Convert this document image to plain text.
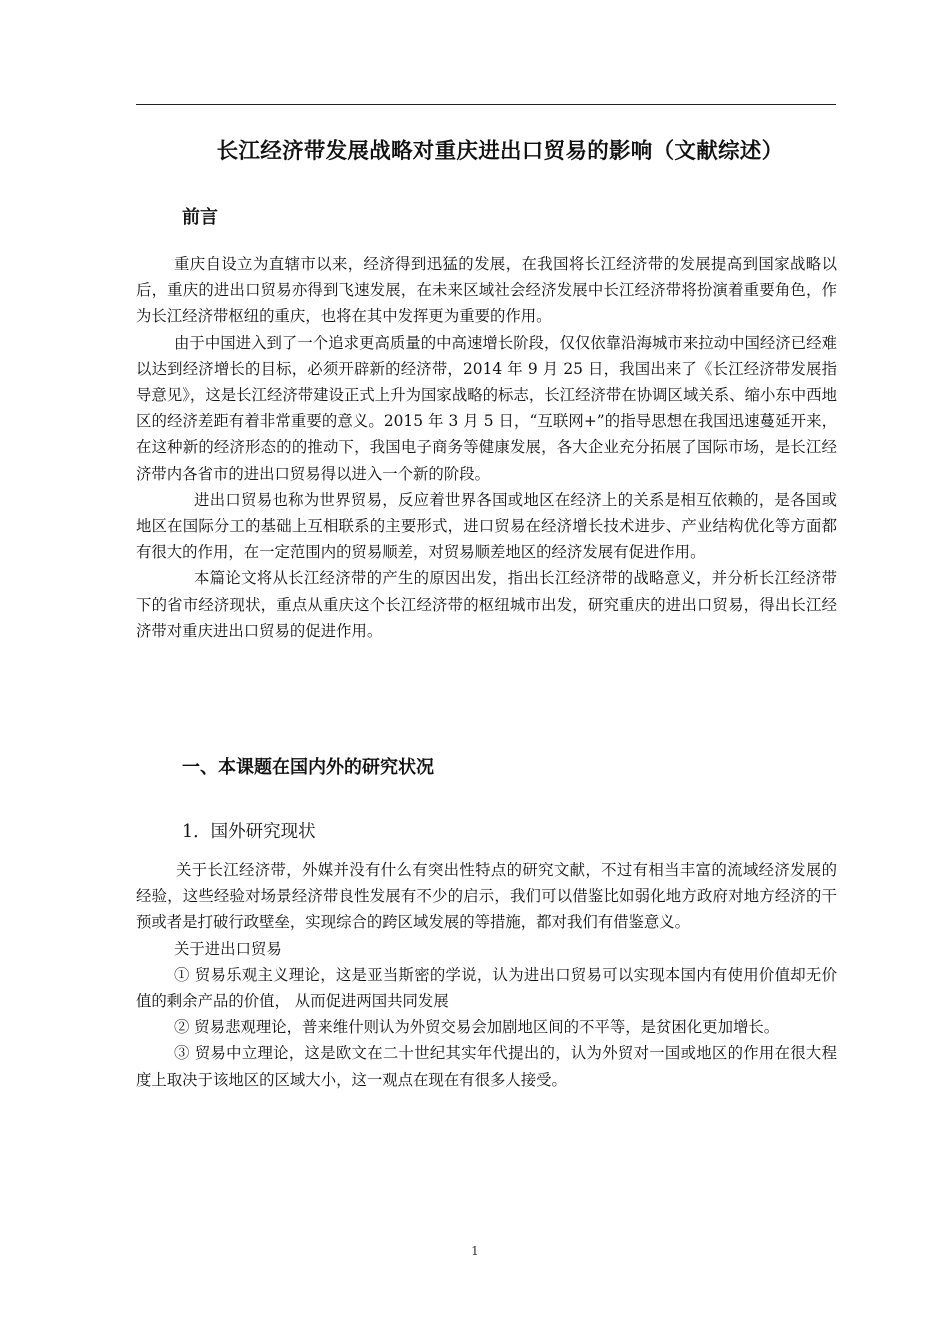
长江经济带发展战略对重庆进出口贸易的影响（文献综述）
前言

重庆自设立为直辖市以来，经济得到迅猛的发展，在我国将长江经济带的发展提高到国家战略以后，重庆的进出口贸易亦得到飞速发展，在未来区域社会经济发展中长江经济带将扮演着重要角色，作为长江经济带枢纽的重庆，也将在其中发挥更为重要的作用。

由于中国进入到了一个追求更高质量的中高速增长阶段，仅仅依靠沿海城市来拉动中国经济已经难以达到经济增长的目标，必须开辟新的经济带，2014 年 9 月 25 日，我国出来了《长江经济带发展指导意见》，这是长江经济带建设正式上升为国家战略的标志，长江经济带在协调区域关系、缩小东中西地区的经济差距有着非常重要的意义。2015 年 3 月 5 日，“互联网+”的指导思想在我国迅速蔓延开来，在这种新的经济形态的的推动下，我国电子商务等健康发展，各大企业充分拓展了国际市场，是长江经济带内各省市的进出口贸易得以进入一个新的阶段。

进出口贸易也称为世界贸易，反应着世界各国或地区在经济上的关系是相互依赖的，是各国或地区在国际分工的基础上互相联系的主要形式，进口贸易在经济增长技术进步、产业结构优化等方面都有很大的作用，在一定范围内的贸易顺差，对贸易顺差地区的经济发展有促进作用。

本篇论文将从长江经济带的产生的原因出发，指出长江经济带的战略意义，并分析长江经济带下的省市经济现状，重点从重庆这个长江经济带的枢纽城市出发，研究重庆的进出口贸易，得出长江经济带对重庆进出口贸易的促进作用。

一、本课题在国内外的研究状况
1．国外研究现状

关于长江经济带，外媒并没有什么有突出性特点的研究文献，不过有相当丰富的流域经济发展的经验，这些经验对场景经济带良性发展有不少的启示，我们可以借鉴比如弱化地方政府对地方经济的干预或者是打破行政壁垒，实现综合的跨区域发展的等措施，都对我们有借鉴意义。

关于进出口贸易

① 贸易乐观主义理论，这是亚当斯密的学说，认为进出口贸易可以实现本国内有使用价值却无价值的剩余产品的价值， 从而促进两国共同发展

② 贸易悲观理论，普来维什则认为外贸交易会加剧地区间的不平等，是贫困化更加增长。

③ 贸易中立理论，这是欧文在二十世纪其实年代提出的，认为外贸对一国或地区的作用在很大程度上取决于该地区的区域大小，这一观点在现在有很多人接受。

1
